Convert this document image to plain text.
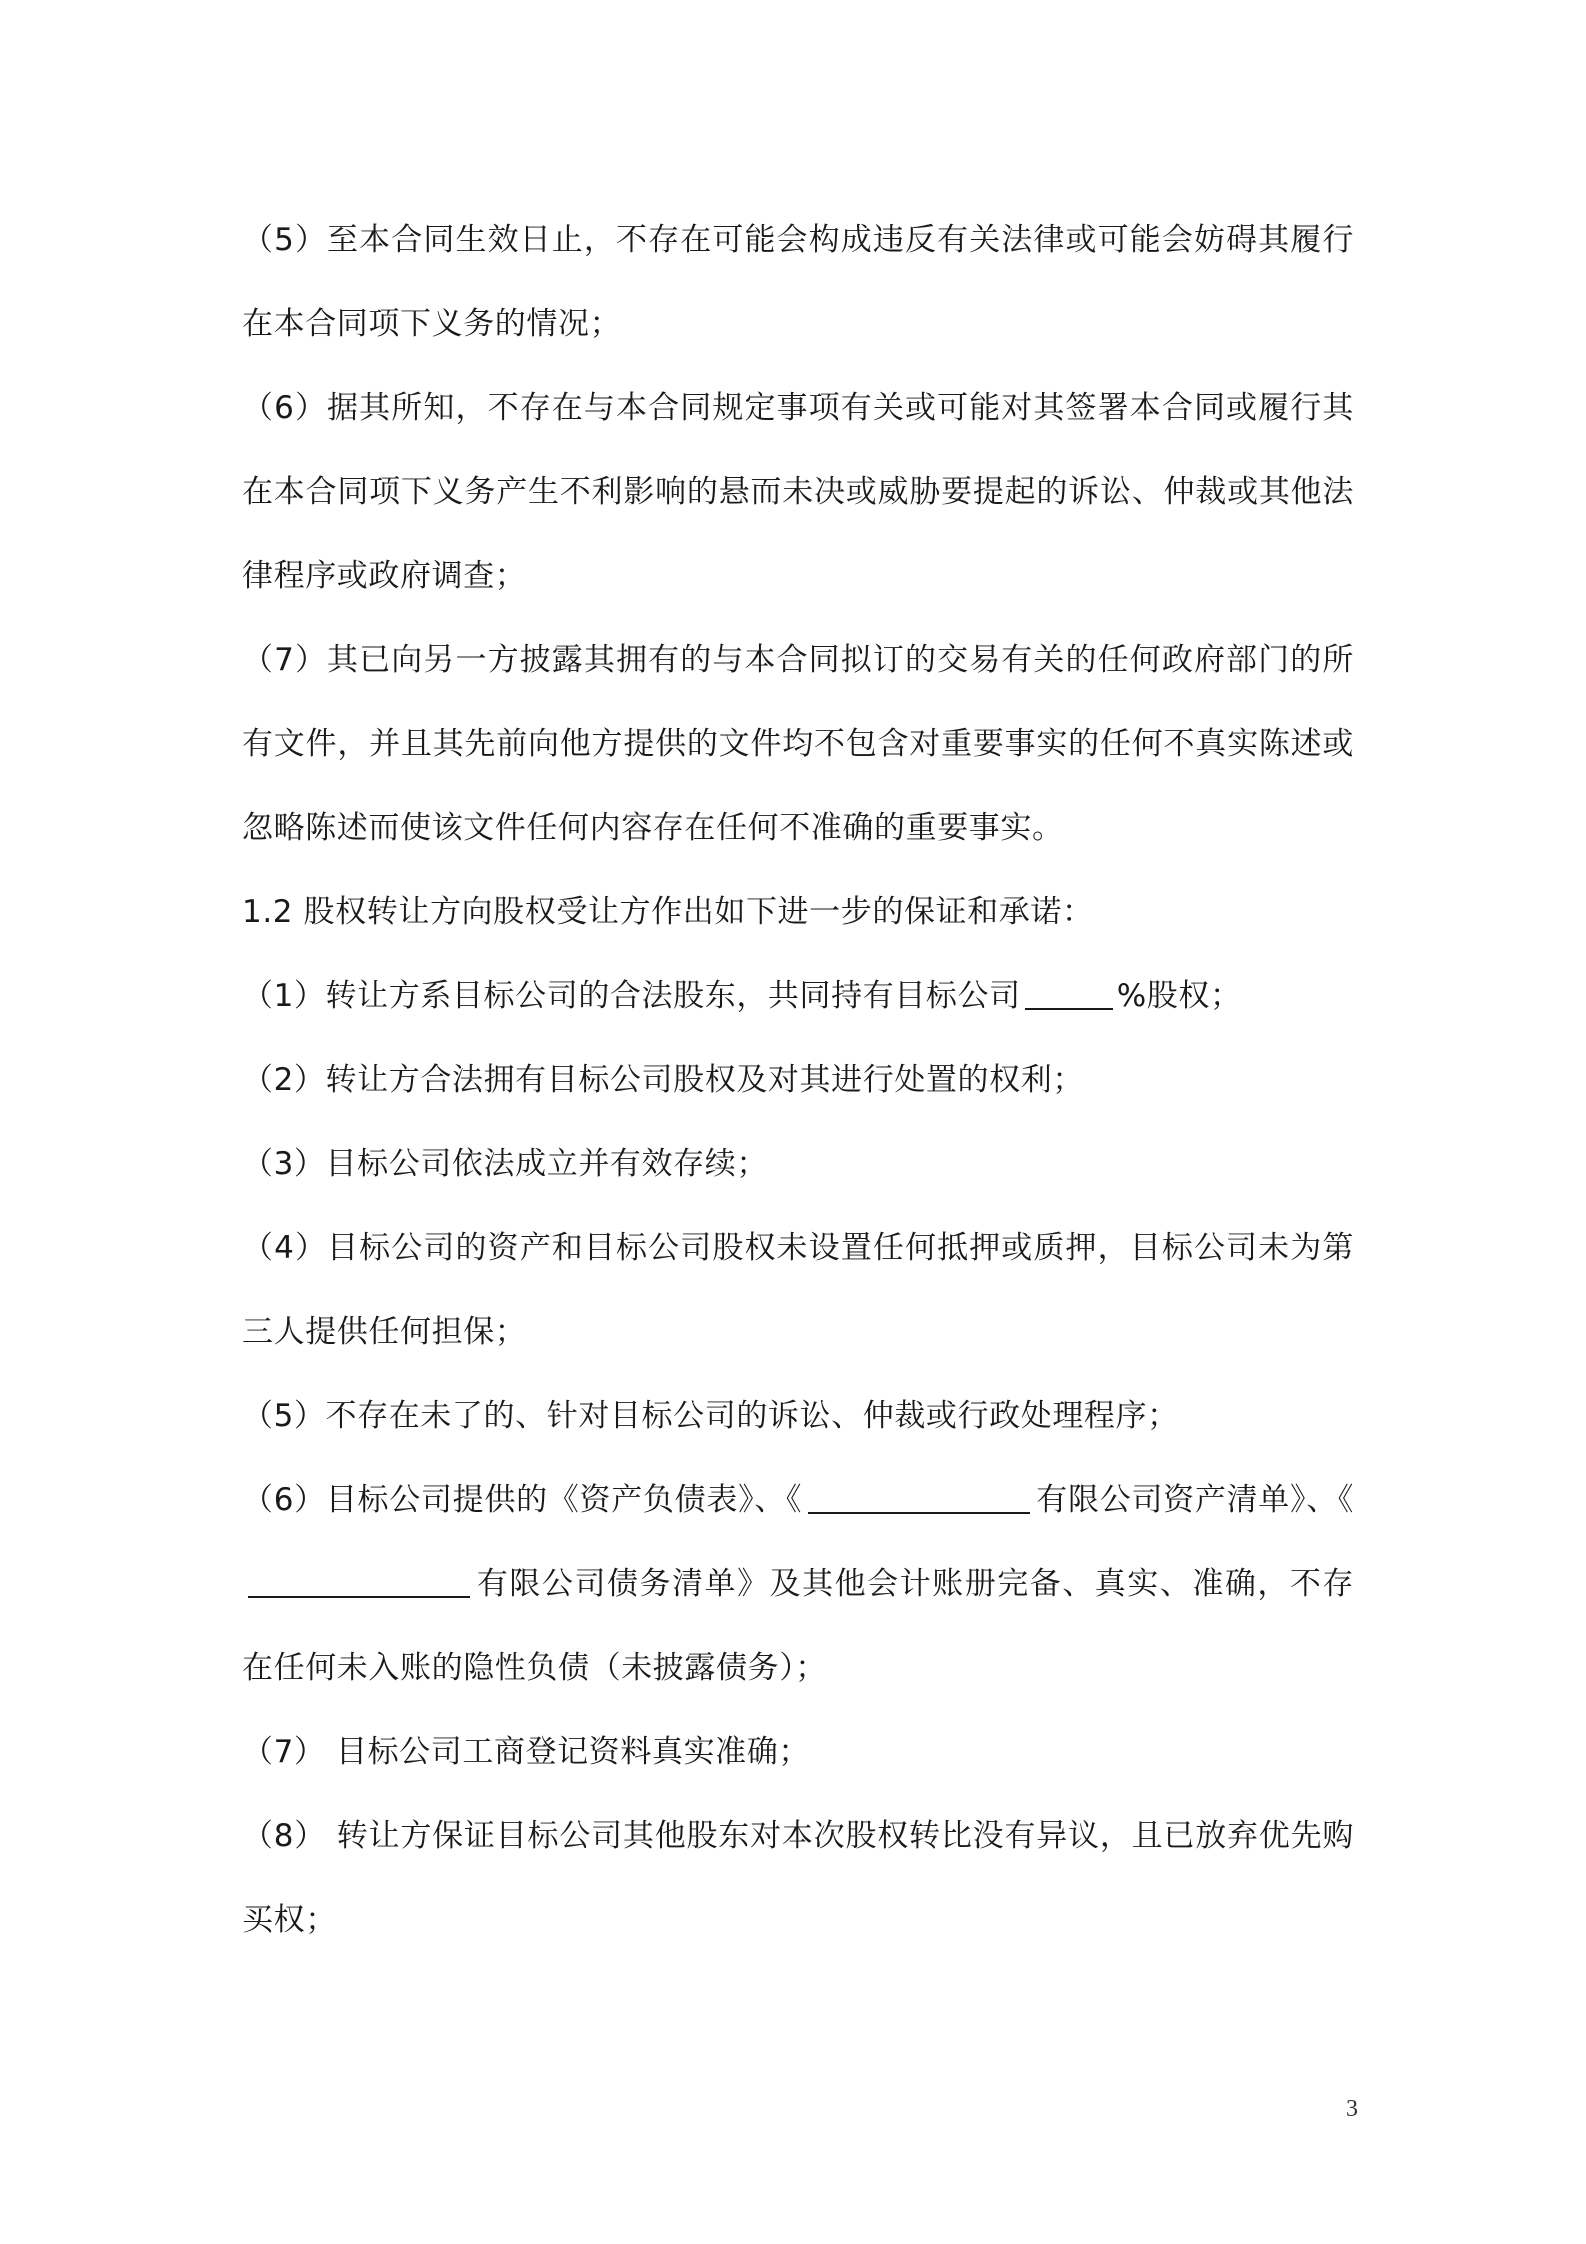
（5）至本合同生效日止，不存在可能会构成违反有关法律或可能会妨碍其履行在本合同项下义务的情况；

（6）据其所知，不存在与本合同规定事项有关或可能对其签署本合同或履行其在本合同项下义务产生不利影响的悬而未决或威胁要提起的诉讼、仲裁或其他法律程序或政府调查；

（7）其已向另一方披露其拥有的与本合同拟订的交易有关的任何政府部门的所有文件，并且其先前向他方提供的文件均不包含对重要事实的任何不真实陈述或忽略陈述而使该文件任何内容存在任何不准确的重要事实。

1.2 股权转让方向股权受让方作出如下进一步的保证和承诺：

（1）转让方系目标公司的合法股东，共同持有目标公司	%股权；

（2）转让方合法拥有目标公司股权及对其进行处置的权利；

（3）目标公司依法成立并有效存续；

（4）目标公司的资产和目标公司股权未设置任何抵押或质押，目标公司未为第三人提供任何担保；

（5）不存在未了的、针对目标公司的诉讼、仲裁或行政处理程序；

（6）目标公司提供的《资产负债表》、《	有限公司资产清单》、《有限公司债务清单》及其他会计账册完备、真实、准确，不存在任何未入账的隐性负债（未披露债务）；

（7） 目标公司工商登记资料真实准确；

（8） 转让方保证目标公司其他股东对本次股权转比没有异议，且已放弃优先购买权；

3
